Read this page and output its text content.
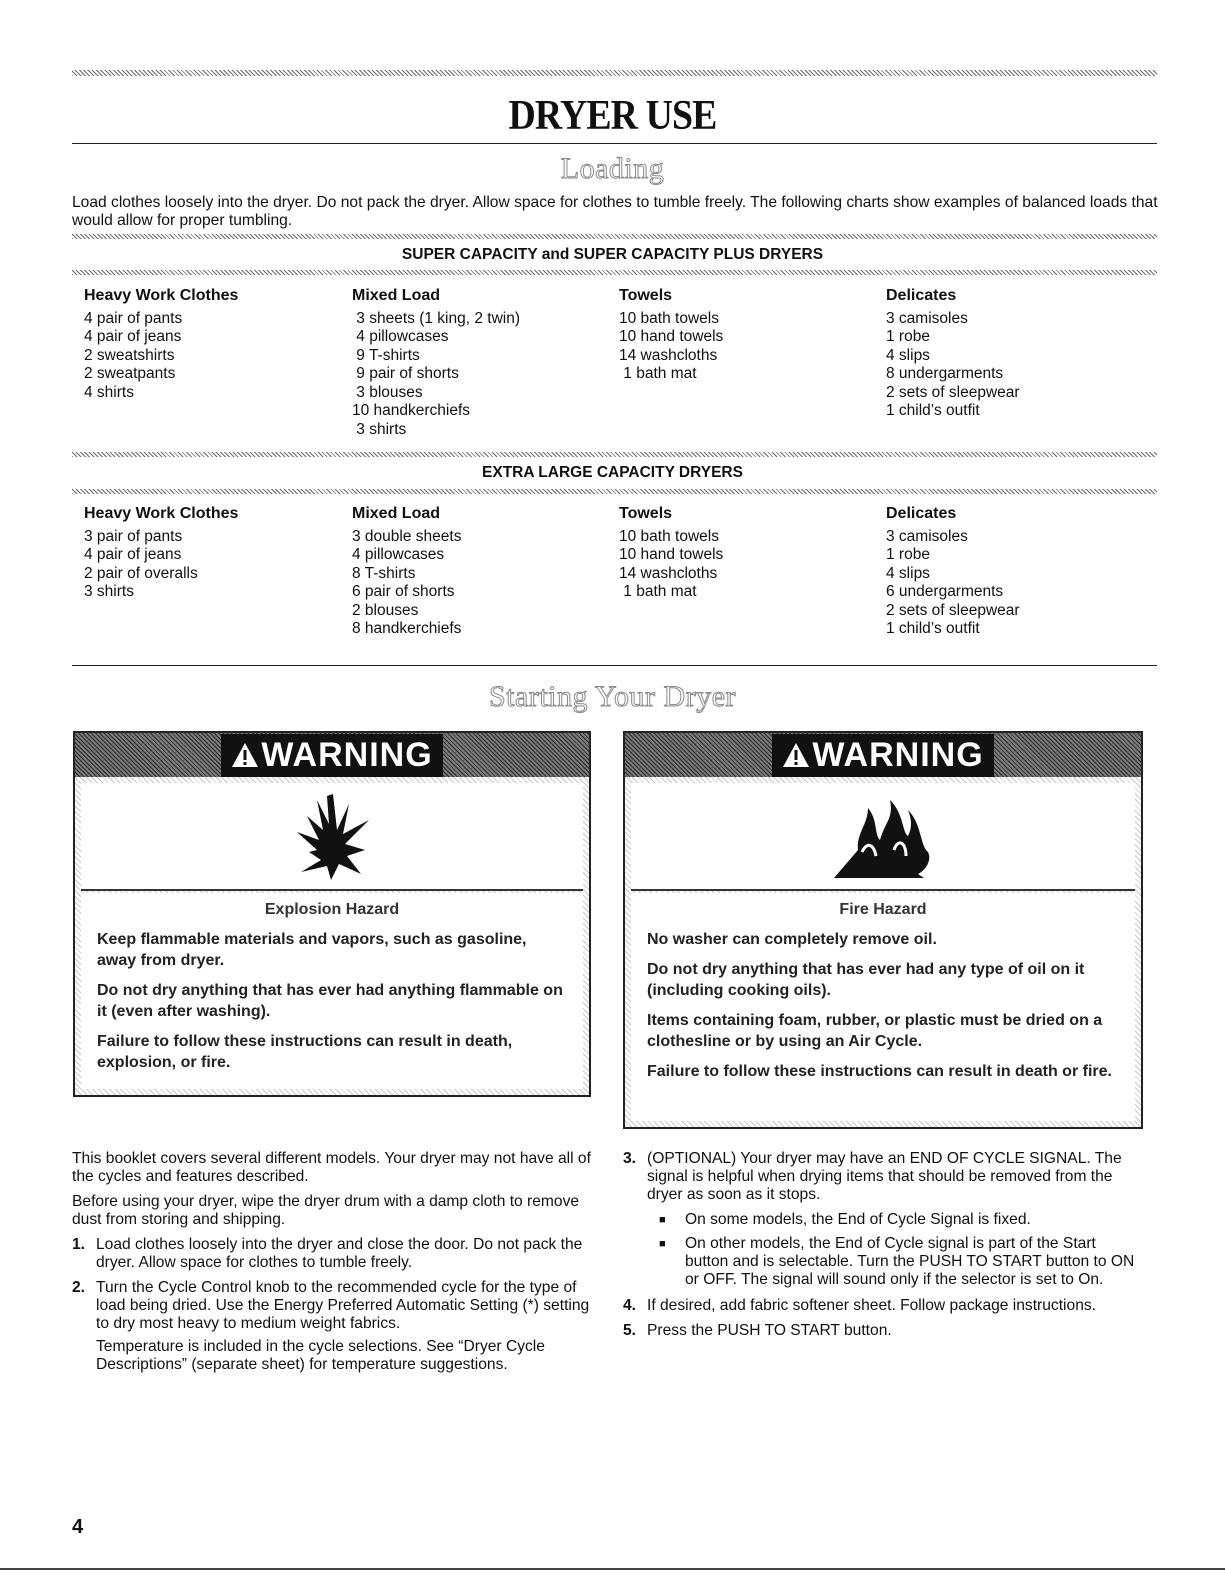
DRYER USE
Loading
Load clothes loosely into the dryer. Do not pack the dryer. Allow space for clothes to tumble freely. The following charts show examples of balanced loads that would allow for proper tumbling.
SUPER CAPACITY and SUPER CAPACITY PLUS DRYERS
Heavy Work Clothes
4 pair of pants
4 pair of jeans
2 sweatshirts
2 sweatpants
4 shirts
Mixed Load
3 sheets (1 king, 2 twin)
4 pillowcases
9 T-shirts
9 pair of shorts
3 blouses
10 handkerchiefs
3 shirts
Towels
10 bath towels
10 hand towels
14 washcloths
1 bath mat
Delicates
3 camisoles
1 robe
4 slips
8 undergarments
2 sets of sleepwear
1 child’s outfit
EXTRA LARGE CAPACITY DRYERS
Heavy Work Clothes
3 pair of pants
4 pair of jeans
2 pair of overalls
3 shirts
Mixed Load
3 double sheets
4 pillowcases
8 T-shirts
6 pair of shorts
2 blouses
8 handkerchiefs
Towels
10 bath towels
10 hand towels
14 washcloths
1 bath mat
Delicates
3 camisoles
1 robe
4 slips
6 undergarments
2 sets of sleepwear
1 child’s outfit
Starting Your Dryer
WARNING
Explosion Hazard

Keep flammable materials and vapors, such as gasoline, away from dryer.

Do not dry anything that has ever had anything flammable on it (even after washing).

Failure to follow these instructions can result in death, explosion, or fire.

WARNING
Fire Hazard

No washer can completely remove oil.

Do not dry anything that has ever had any type of oil on it (including cooking oils).

Items containing foam, rubber, or plastic must be dried on a clothesline or by using an Air Cycle.

Failure to follow these instructions can result in death or fire.

This booklet covers several different models. Your dryer may not have all of the cycles and features described.

Before using your dryer, wipe the dryer drum with a damp cloth to remove dust from storing and shipping.

1. Load clothes loosely into the dryer and close the door. Do not pack the dryer. Allow space for clothes to tumble freely.
2. Turn the Cycle Control knob to the recommended cycle for the type of load being dried. Use the Energy Preferred Automatic Setting (*) setting to dry most heavy to medium weight fabrics.
Temperature is included in the cycle selections. See “Dryer Cycle Descriptions” (separate sheet) for temperature suggestions.
3. (OPTIONAL) Your dryer may have an END OF CYCLE SIGNAL. The signal is helpful when drying items that should be removed from the dryer as soon as it stops.
■	On some models, the End of Cycle Signal is fixed.
■	On other models, the End of Cycle signal is part of the Start button and is selectable. Turn the PUSH TO START button to ON or OFF. The signal will sound only if the selector is set to On.
4. If desired, add fabric softener sheet. Follow package instructions.
5. Press the PUSH TO START button.
4
